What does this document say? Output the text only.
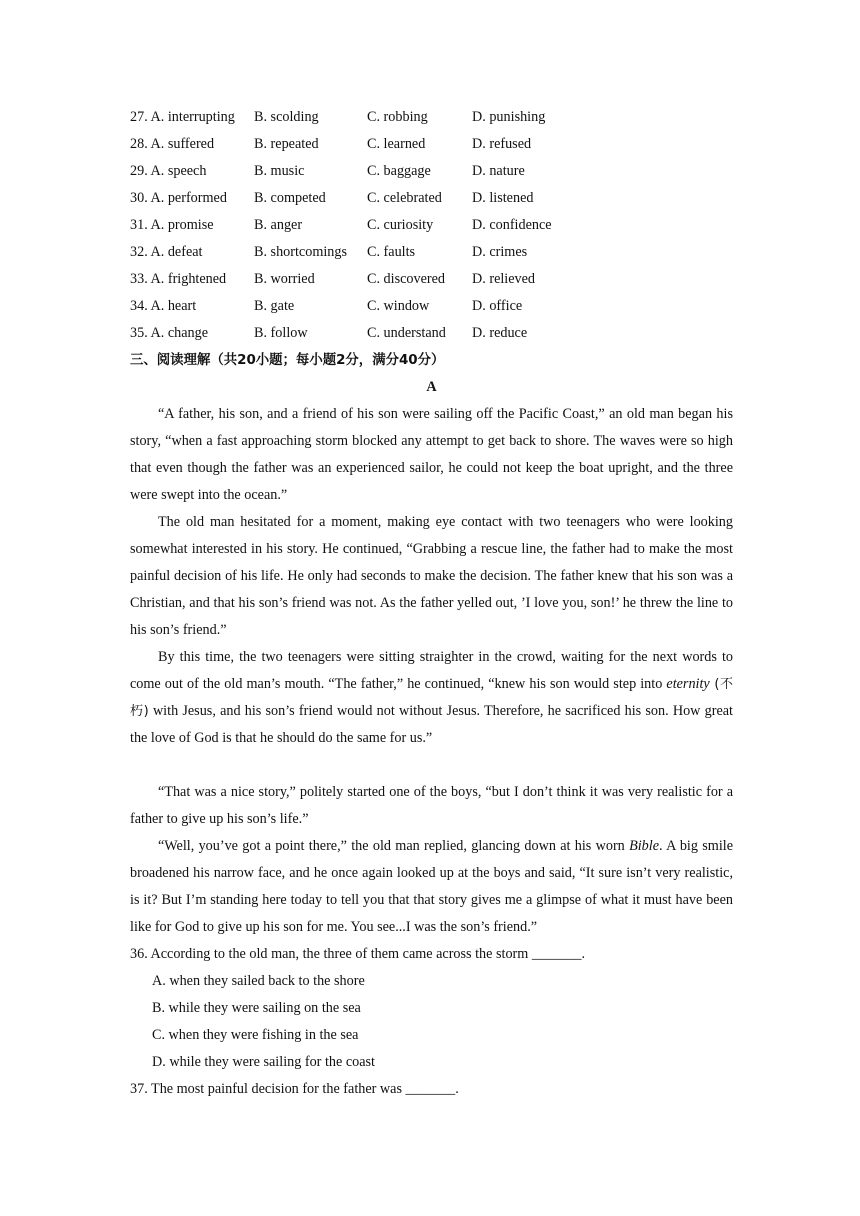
27. A. interrupting B. scolding	C. robbing	D. punishing
28. A. suffered	B. repeated	C. learned	D. refused
29. A. speech	B. music	C. baggage	D. nature
30. A. performed B. competed	C. celebrated D. listened
31. A. promise	B. anger	C. curiosity	D. confidence
32. A. defeat	B. shortcomings C. faults	D. crimes
33. A. frightened B. worried	C. discovered D. relieved
34. A. heart	B. gate	C. window	D. office
35. A. change	B. follow	C. understand D. reduce
三、阅读理解（共20小题；每小题2分，满分40分）
A

“A father, his son, and a friend of his son were sailing off the Pacific Coast,” an old man began his story, “when a fast approaching storm blocked any attempt to get back to shore. The waves were so high that even though the father was an experienced sailor, he could not keep the boat upright, and the three were swept into the ocean.”

The old man hesitated for a moment, making eye contact with two teenagers who were looking somewhat interested in his story. He continued, “Grabbing a rescue line, the father had to make the most painful decision of his life. He only had seconds to make the decision. The father knew that his son was a Christian, and that his son’s friend was not. As the father yelled out, ’I love you, son!’ he threw the line to his son’s friend.”

By this time, the two teenagers were sitting straighter in the crowd, waiting for the next words to come out of the old man’s mouth. “The father,” he continued, “knew his son would step into eternity (不朽) with Jesus, and his son’s friend would not without Jesus. Therefore, he sacrificed his son. How great the love of God is that he should do the same for us.”

“That was a nice story,” politely started one of the boys, “but I don’t think it was very realistic for a father to give up his son’s life.”

“Well, you’ve got a point there,” the old man replied, glancing down at his worn Bible. A big smile broadened his narrow face, and he once again looked up at the boys and said, “It sure isn’t very realistic, is it? But I’m standing here today to tell you that that story gives me a glimpse of what it must have been like for God to give up his son for me. You see...I was the son’s friend.”

36. According to the old man, the three of them came across the storm _______.
A. when they sailed back to the shore
B. while they were sailing on the sea
C. when they were fishing in the sea
D. while they were sailing for the coast
37. The most painful decision for the father was _______.
